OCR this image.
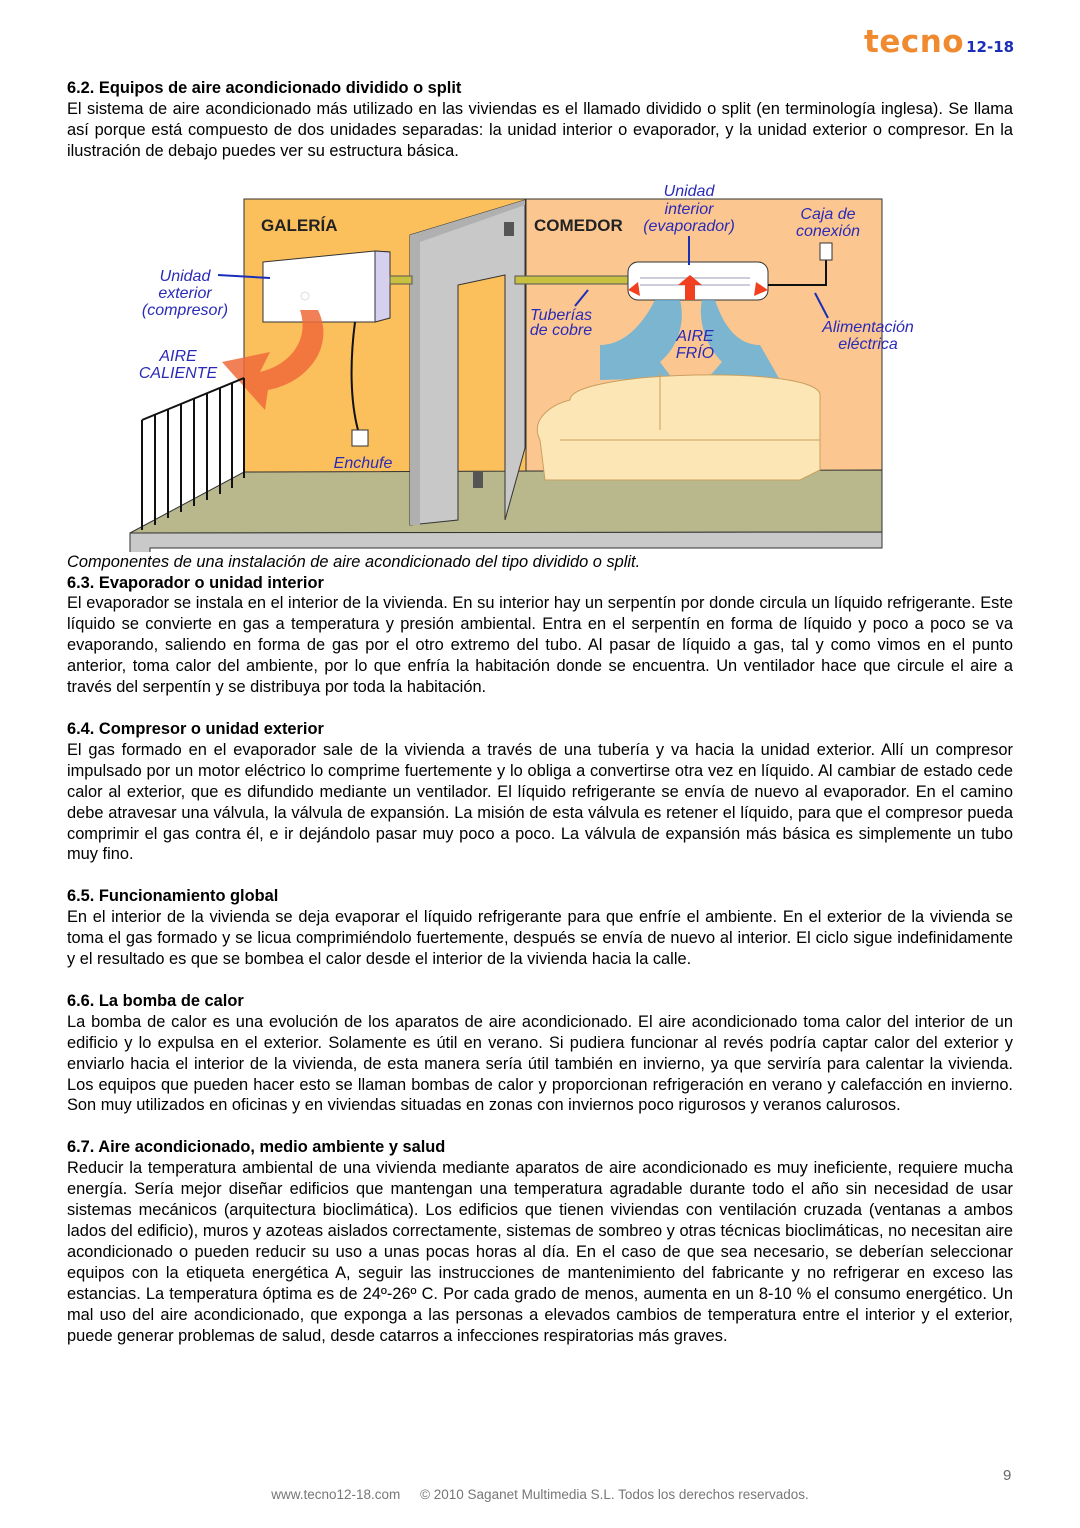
tecno 12-18
6.2. Equipos de aire acondicionado dividido o split

El sistema de aire acondicionado más utilizado en las viviendas es el llamado dividido o split (en terminología inglesa). Se llama así porque está compuesto de dos unidades separadas: la unidad interior o evaporador, y la unidad exterior o compresor. En la ilustración de debajo puedes ver su estructura básica.

GALERÍA	COMEDOR
Unidad
interior
(evaporador)
Caja de
conexión
Unidad
exterior
(compresor)
AIRE
CALIENTE
Tuberías
de cobre	AIRE
FRÍO
Alimentación
eléctrica
Enchufe

Componentes de una instalación de aire acondicionado del tipo dividido o split.

6.3. Evaporador o unidad interior

El evaporador se instala en el interior de la vivienda. En su interior hay un serpentín por donde circula un líquido refrigerante. Este líquido se convierte en gas a temperatura y presión ambiental. Entra en el serpentín en forma de líquido y poco a poco se va evaporando, saliendo en forma de gas por el otro extremo del tubo. Al pasar de líquido a gas, tal y como vimos en el punto anterior, toma calor del ambiente, por lo que enfría la habitación donde se encuentra. Un ventilador hace que circule el aire a través del serpentín y se distribuya por toda la habitación.

6.4. Compresor o unidad exterior

El gas formado en el evaporador sale de la vivienda a través de una tubería y va hacia la unidad exterior. Allí un compresor impulsado por un motor eléctrico lo comprime fuertemente y lo obliga a convertirse otra vez en líquido. Al cambiar de estado cede calor al exterior, que es difundido mediante un ventilador. El líquido refrigerante se envía de nuevo al evaporador. En el camino debe atravesar una válvula, la válvula de expansión. La misión de esta válvula es retener el líquido, para que el compresor pueda comprimir el gas contra él, e ir dejándolo pasar muy poco a poco. La válvula de expansión más básica es simplemente un tubo muy fino.

6.5. Funcionamiento global

En el interior de la vivienda se deja evaporar el líquido refrigerante para que enfríe el ambiente. En el exterior de la vivienda se toma el gas formado y se licua comprimiéndolo fuertemente, después se envía de nuevo al interior. El ciclo sigue indefinidamente y el resultado es que se bombea el calor desde el interior de la vivienda hacia la calle.

6.6. La bomba de calor

La bomba de calor es una evolución de los aparatos de aire acondicionado. El aire acondicionado toma calor del interior de un edificio y lo expulsa en el exterior. Solamente es útil en verano. Si pudiera funcionar al revés podría captar calor del exterior y enviarlo hacia el interior de la vivienda, de esta manera sería útil también en invierno, ya que serviría para calentar la vivienda. Los equipos que pueden hacer esto se llaman bombas de calor y proporcionan refrigeración en verano y calefacción en invierno. Son muy utilizados en oficinas y en viviendas situadas en zonas con inviernos poco rigurosos y veranos calurosos.

6.7. Aire acondicionado, medio ambiente y salud

Reducir la temperatura ambiental de una vivienda mediante aparatos de aire acondicionado es muy ineficiente, requiere mucha energía. Sería mejor diseñar edificios que mantengan una temperatura agradable durante todo el año sin necesidad de usar sistemas mecánicos (arquitectura bioclimática). Los edificios que tienen viviendas con ventilación cruzada (ventanas a ambos lados del edificio), muros y azoteas aislados correctamente, sistemas de sombreo y otras técnicas bioclimáticas, no necesitan aire acondicionado o pueden reducir su uso a unas pocas horas al día. En el caso de que sea necesario, se deberían seleccionar equipos con la etiqueta energética A, seguir las instrucciones de mantenimiento del fabricante y no refrigerar en exceso las estancias. La temperatura óptima es de 24º-26º C. Por cada grado de menos, aumenta en un 8-10 % el consumo energético. Un mal uso del aire acondicionado, que exponga a las personas a elevados cambios de temperatura entre el interior y el exterior, puede generar problemas de salud, desde catarros a infecciones respiratorias más graves.

9
www.tecno12-18.com © 2010 Saganet Multimedia S.L. Todos los derechos reservados.
